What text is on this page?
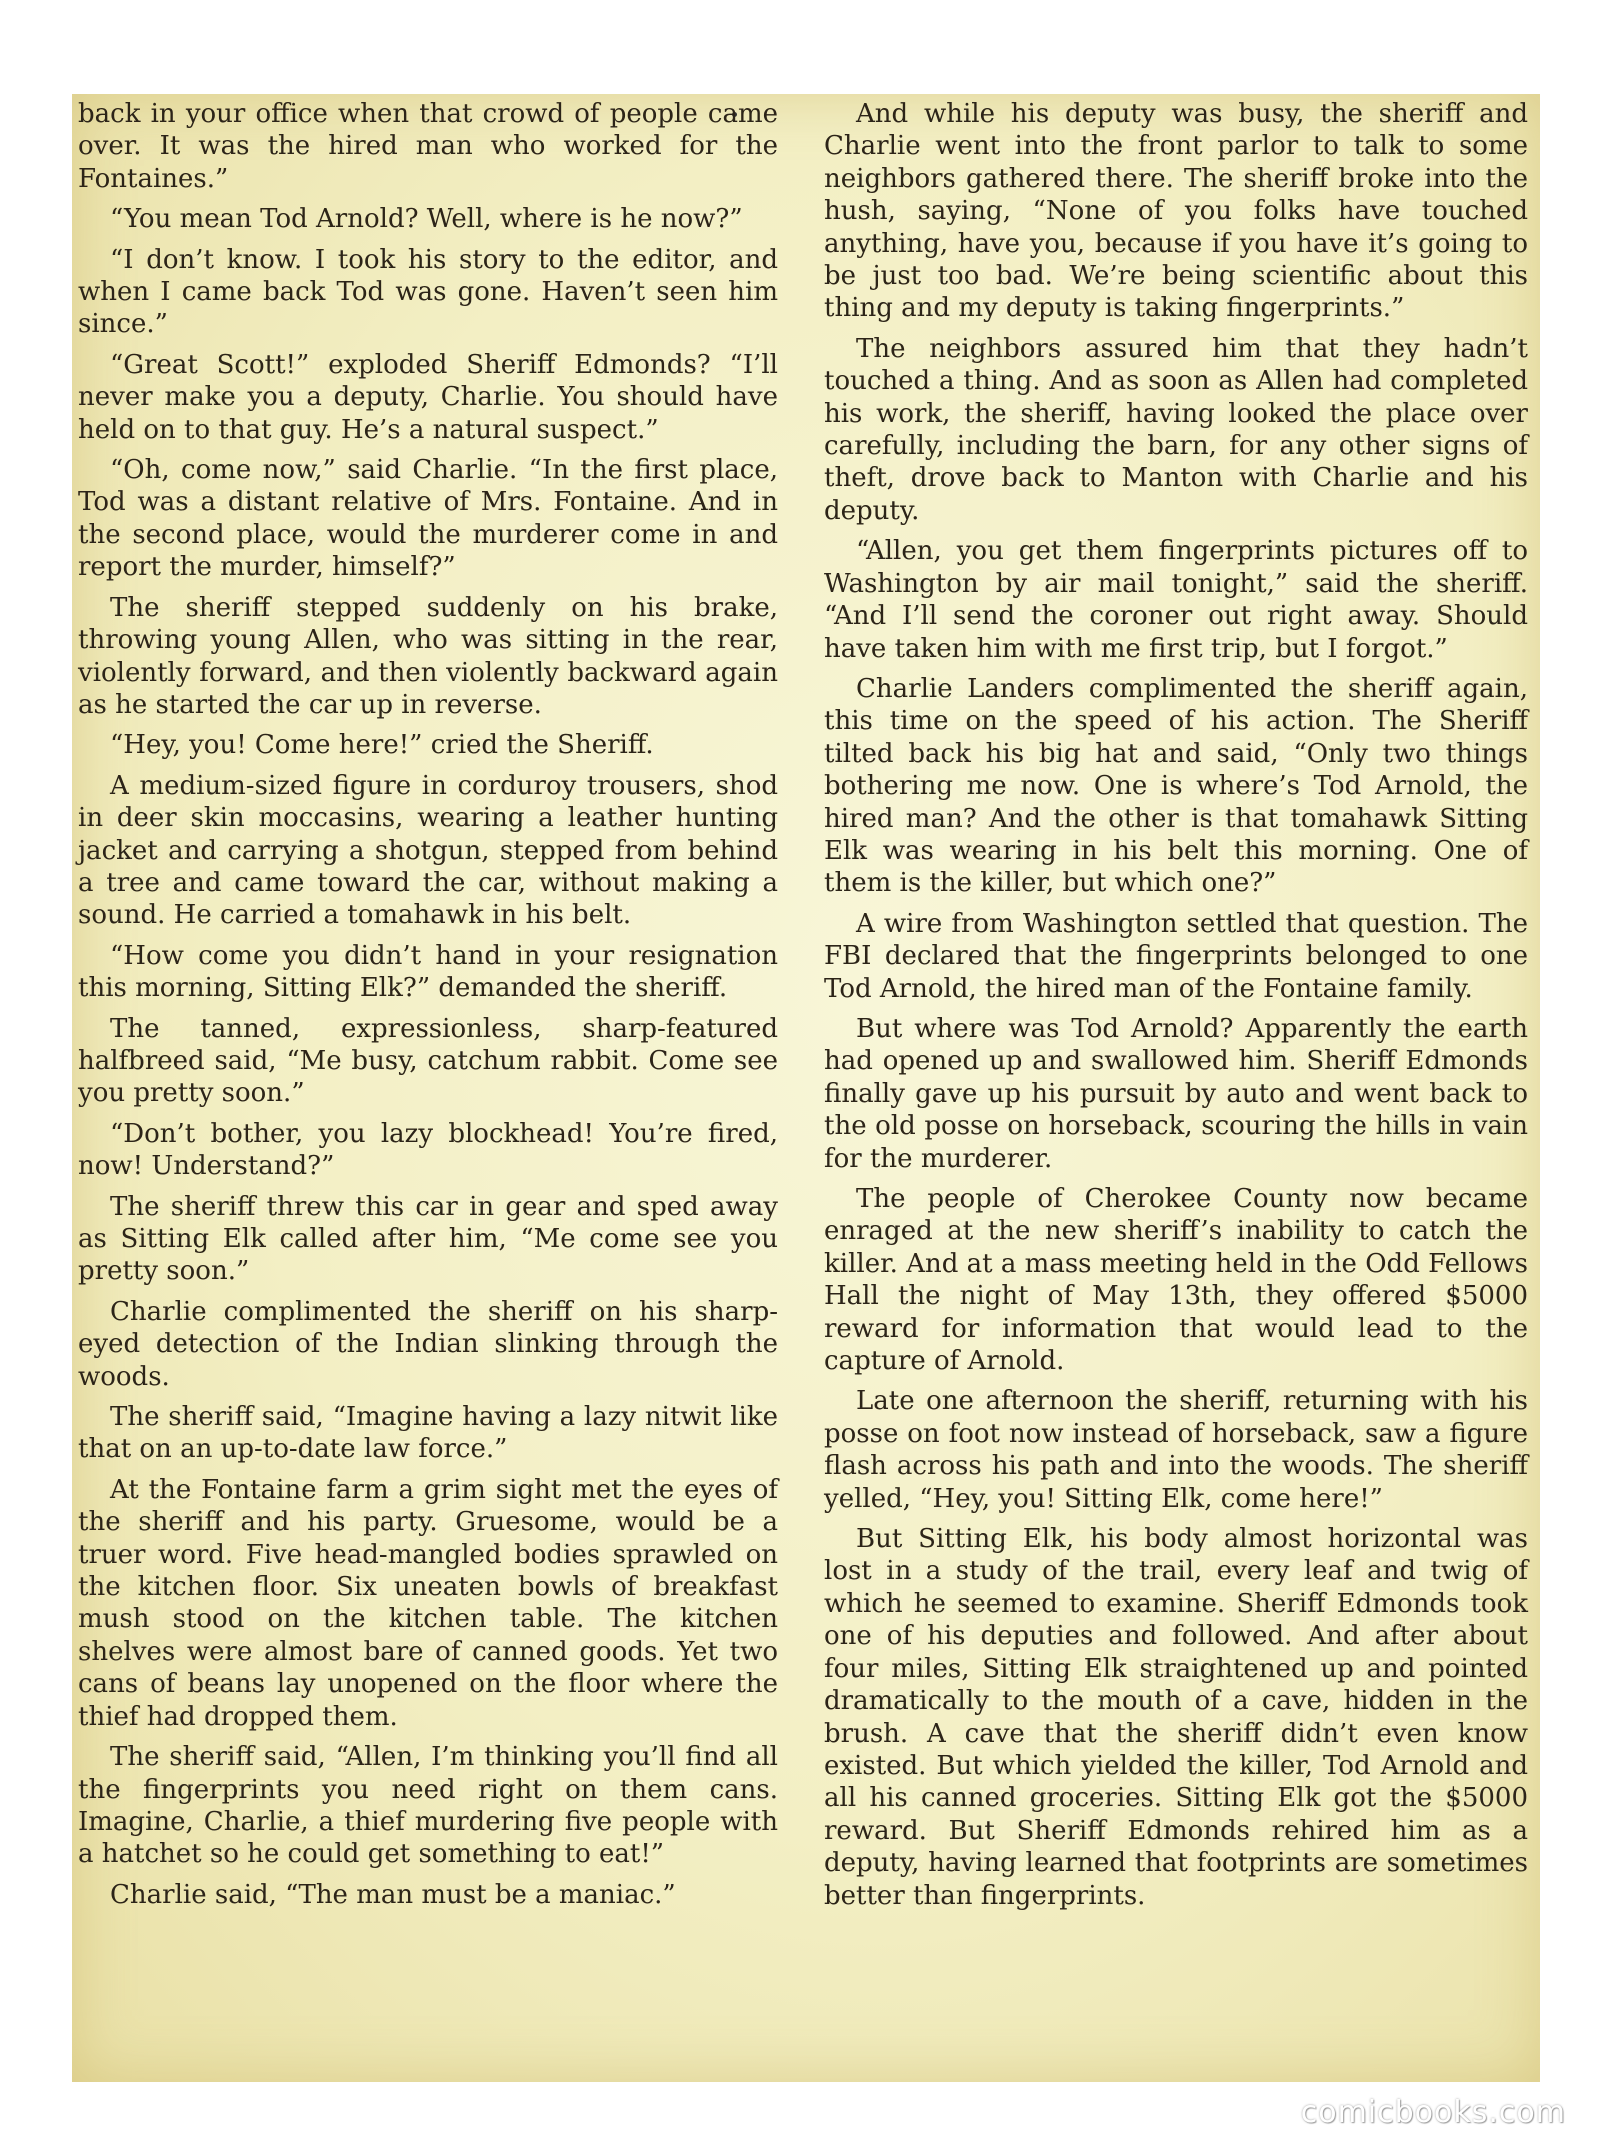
back in your office when that crowd of people came over. It was the hired man who worked for the Fontaines.”

“You mean Tod Arnold? Well, where is he now?”

“I don’t know. I took his story to the editor, and when I came back Tod was gone. Haven’t seen him since.”

“Great Scott!” exploded Sheriff Edmonds? “I’ll never make you a deputy, Charlie. You should have held on to that guy. He’s a natural suspect.”

“Oh, come now,” said Charlie. “In the first place, Tod was a distant relative of Mrs. Fontaine. And in the second place, would the murderer come in and report the murder, himself?”

The sheriff stepped suddenly on his brake, throwing young Allen, who was sitting in the rear, violently forward, and then violently backward again as he started the car up in reverse.

“Hey, you! Come here!” cried the Sheriff.

A medium-sized figure in corduroy trousers, shod in deer skin moccasins, wearing a leather hunting jacket and carrying a shotgun, stepped from behind a tree and came toward the car, without making a sound. He carried a tomahawk in his belt.

“How come you didn’t hand in your resignation this morning, Sitting Elk?” demanded the sheriff.

The tanned, expressionless, sharp-featured halfbreed said, “Me busy, catchum rabbit. Come see you pretty soon.”

“Don’t bother, you lazy blockhead! You’re fired, now! Understand?”

The sheriff threw this car in gear and sped away as Sitting Elk called after him, “Me come see you pretty soon.”

Charlie complimented the sheriff on his sharp-eyed detection of the Indian slinking through the woods.

The sheriff said, “Imagine having a lazy nitwit like that on an up-to-date law force.”

At the Fontaine farm a grim sight met the eyes of the sheriff and his party. Gruesome, would be a truer word. Five head-mangled bodies sprawled on the kitchen floor. Six uneaten bowls of breakfast mush stood on the kitchen table. The kitchen shelves were almost bare of canned goods. Yet two cans of beans lay unopened on the floor where the thief had dropped them.

The sheriff said, “Allen, I’m thinking you’ll find all the fingerprints you need right on them cans. Imagine, Charlie, a thief murdering five people with a hatchet so he could get something to eat!”

Charlie said, “The man must be a maniac.”

And while his deputy was busy, the sheriff and Charlie went into the front parlor to talk to some neighbors gathered there. The sheriff broke into the hush, saying, “None of you folks have touched anything, have you, because if you have it’s going to be just too bad. We’re being scientific about this thing and my deputy is taking fingerprints.”

The neighbors assured him that they hadn’t touched a thing. And as soon as Allen had completed his work, the sheriff, having looked the place over carefully, including the barn, for any other signs of theft, drove back to Manton with Charlie and his deputy.

“Allen, you get them fingerprints pictures off to Washington by air mail tonight,” said the sheriff. “And I’ll send the coroner out right away. Should have taken him with me first trip, but I forgot.”

Charlie Landers complimented the sheriff again, this time on the speed of his action. The Sheriff tilted back his big hat and said, “Only two things bothering me now. One is where’s Tod Arnold, the hired man? And the other is that tomahawk Sitting Elk was wearing in his belt this morning. One of them is the killer, but which one?”

A wire from Washington settled that question. The FBI declared that the fingerprints belonged to one Tod Arnold, the hired man of the Fontaine family.

But where was Tod Arnold? Apparently the earth had opened up and swallowed him. Sheriff Edmonds finally gave up his pursuit by auto and went back to the old posse on horseback, scouring the hills in vain for the murderer.

The people of Cherokee County now became enraged at the new sheriff’s inability to catch the killer. And at a mass meeting held in the Odd Fellows Hall the night of May 13th, they offered $5000 reward for information that would lead to the capture of Arnold.

Late one afternoon the sheriff, returning with his posse on foot now instead of horseback, saw a figure flash across his path and into the woods. The sheriff yelled, “Hey, you! Sitting Elk, come here!”

But Sitting Elk, his body almost horizontal was lost in a study of the trail, every leaf and twig of which he seemed to examine. Sheriff Edmonds took one of his deputies and followed. And after about four miles, Sitting Elk straightened up and pointed dramatically to the mouth of a cave, hidden in the brush. A cave that the sheriff didn’t even know existed. But which yielded the killer, Tod Arnold and all his canned groceries. Sitting Elk got the $5000 reward. But Sheriff Edmonds rehired him as a deputy, having learned that footprints are sometimes better than fingerprints.

comicbooks.com
